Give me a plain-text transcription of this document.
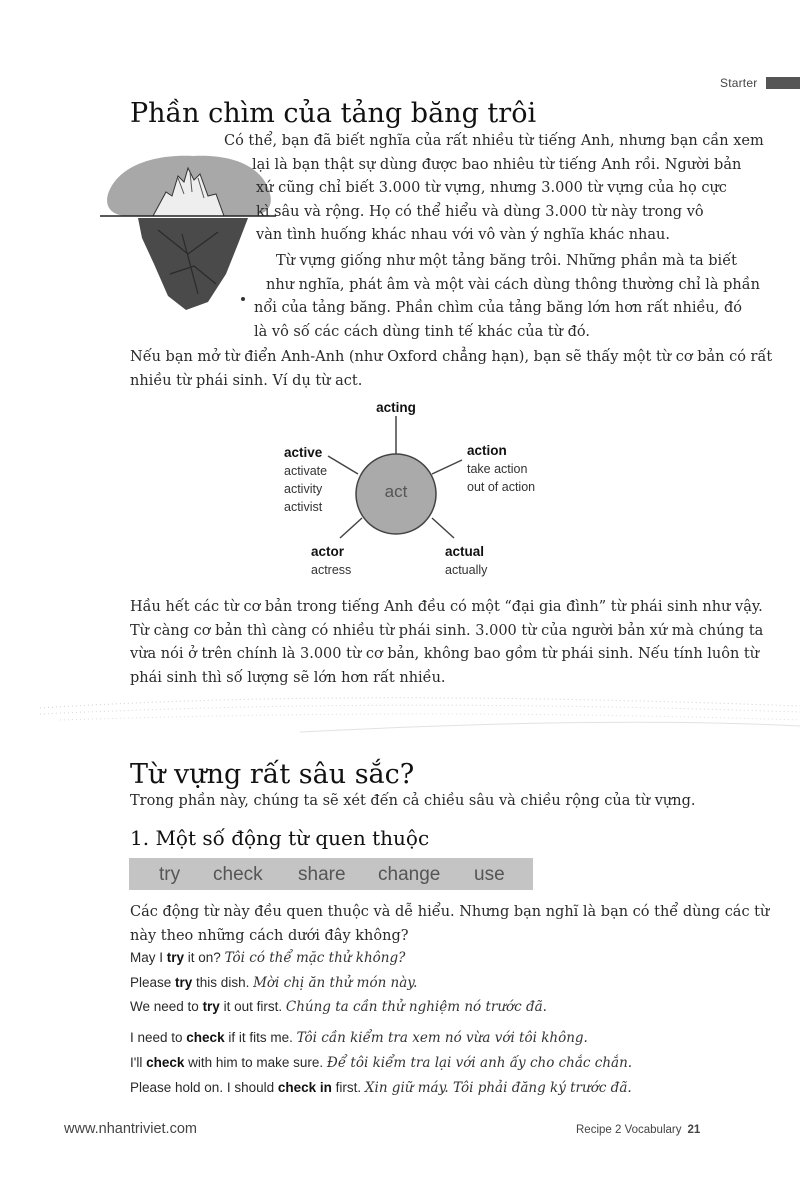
Starter
Phần chìm của tảng băng trôi
Có thể, bạn đã biết nghĩa của rất nhiều từ tiếng Anh, nhưng bạn cần xem
lại là bạn thật sự dùng được bao nhiêu từ tiếng Anh rồi. Người bản
xứ cũng chỉ biết 3.000 từ vựng, nhưng 3.000 từ vựng của họ cực
kì sâu và rộng. Họ có thể hiểu và dùng 3.000 từ này trong vô
vàn tình huống khác nhau với vô vàn ý nghĩa khác nhau.
Từ vựng giống như một tảng băng trôi. Những phần mà ta biết
như nghĩa, phát âm và một vài cách dùng thông thường chỉ là phần
nổi của tảng băng. Phần chìm của tảng băng lớn hơn rất nhiều, đó
là vô số các cách dùng tinh tế khác của từ đó.
Nếu bạn mở từ điển Anh-Anh (như Oxford chẳng hạn), bạn sẽ thấy một từ cơ bản có rất
nhiều từ phái sinh. Ví dụ từ act.
act
acting
active
activate
activity
activist
action
take action
out of action
actor
actress
actual
actually
Hầu hết các từ cơ bản trong tiếng Anh đều có một “đại gia đình” từ phái sinh như vậy.
Từ càng cơ bản thì càng có nhiều từ phái sinh. 3.000 từ của người bản xứ mà chúng ta
vừa nói ở trên chính là 3.000 từ cơ bản, không bao gồm từ phái sinh. Nếu tính luôn từ
phái sinh thì số lượng sẽ lớn hơn rất nhiều.
Từ vựng rất sâu sắc?
Trong phần này, chúng ta sẽ xét đến cả chiều sâu và chiều rộng của từ vựng.
1. Một số động từ quen thuộc
try check share change use
Các động từ này đều quen thuộc và dễ hiểu. Nhưng bạn nghĩ là bạn có thể dùng các từ
này theo những cách dưới đây không?
May I try it on? Tôi có thể mặc thử không?
Please try this dish. Mời chị ăn thử món này.
We need to try it out first. Chúng ta cần thử nghiệm nó trước đã.
I need to check if it fits me. Tôi cần kiểm tra xem nó vừa với tôi không.
I'll check with him to make sure. Để tôi kiểm tra lại với anh ấy cho chắc chắn.
Please hold on. I should check in first. Xin giữ máy. Tôi phải đăng ký trước đã.
www.nhantriviet.com	Recipe 2 Vocabulary 21
